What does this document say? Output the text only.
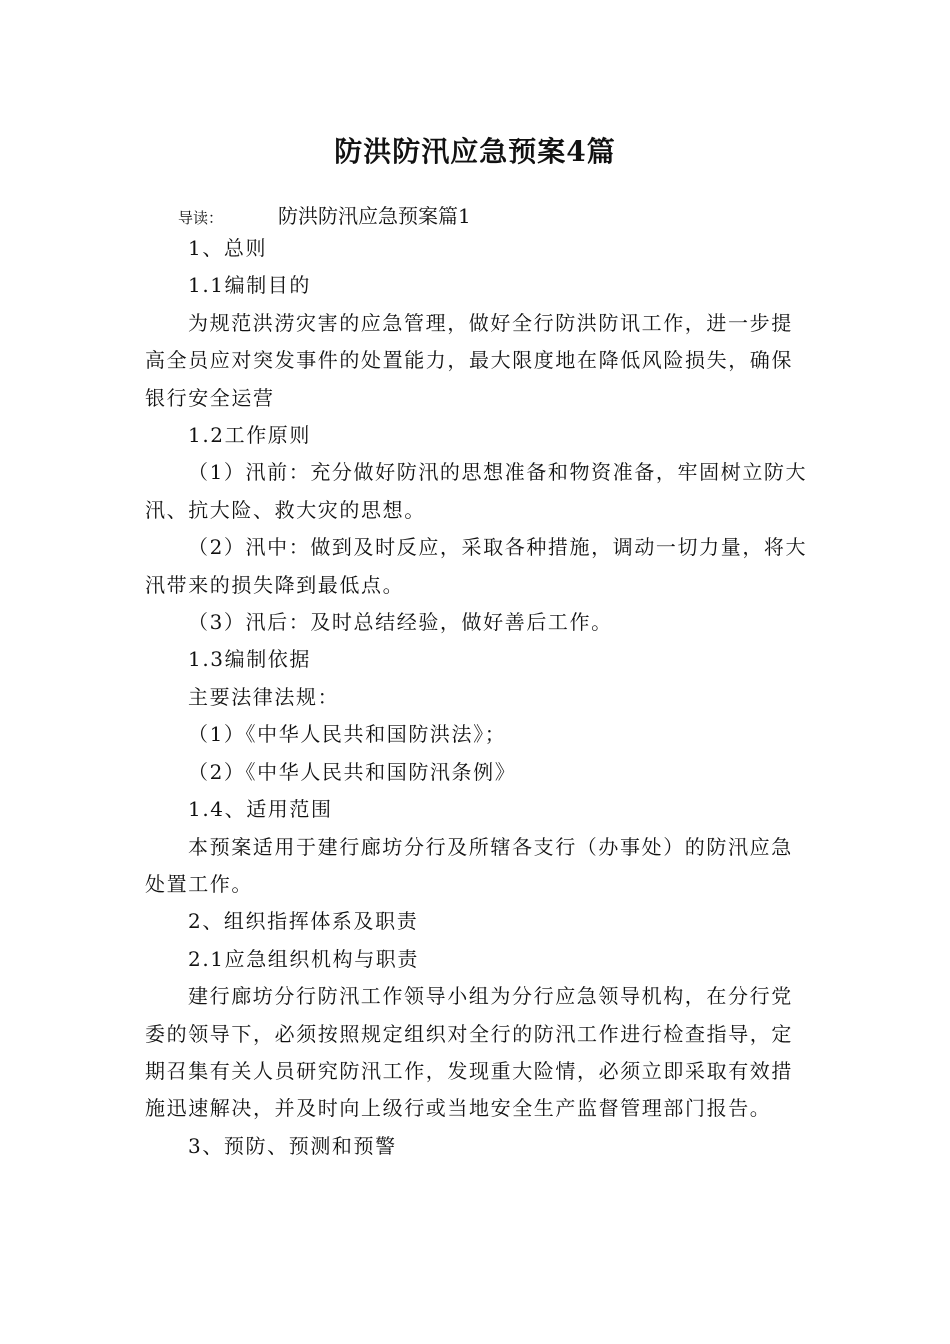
防洪防汛应急预案4篇
导读：	防洪防汛应急预案篇1

1、总则

1.1编制目的

为规范洪涝灾害的应急管理，做好全行防洪防讯工作，进一步提高全员应对突发事件的处置能力，最大限度地在降低风险损失，确保银行安全运营

1.2工作原则

（1）汛前：充分做好防汛的思想准备和物资准备，牢固树立防大汛、抗大险、救大灾的思想。

（2）汛中：做到及时反应，采取各种措施，调动一切力量，将大汛带来的损失降到最低点。

（3）汛后：及时总结经验，做好善后工作。

1.3编制依据

主要法律法规：

（1）《中华人民共和国防洪法》；

（2）《中华人民共和国防汛条例》

1.4、适用范围

本预案适用于建行廊坊分行及所辖各支行（办事处）的防汛应急处置工作。

2、组织指挥体系及职责

2.1应急组织机构与职责

建行廊坊分行防汛工作领导小组为分行应急领导机构，在分行党委的领导下，必须按照规定组织对全行的防汛工作进行检查指导，定期召集有关人员研究防汛工作，发现重大险情，必须立即采取有效措施迅速解决，并及时向上级行或当地安全生产监督管理部门报告。

3、预防、预测和预警
